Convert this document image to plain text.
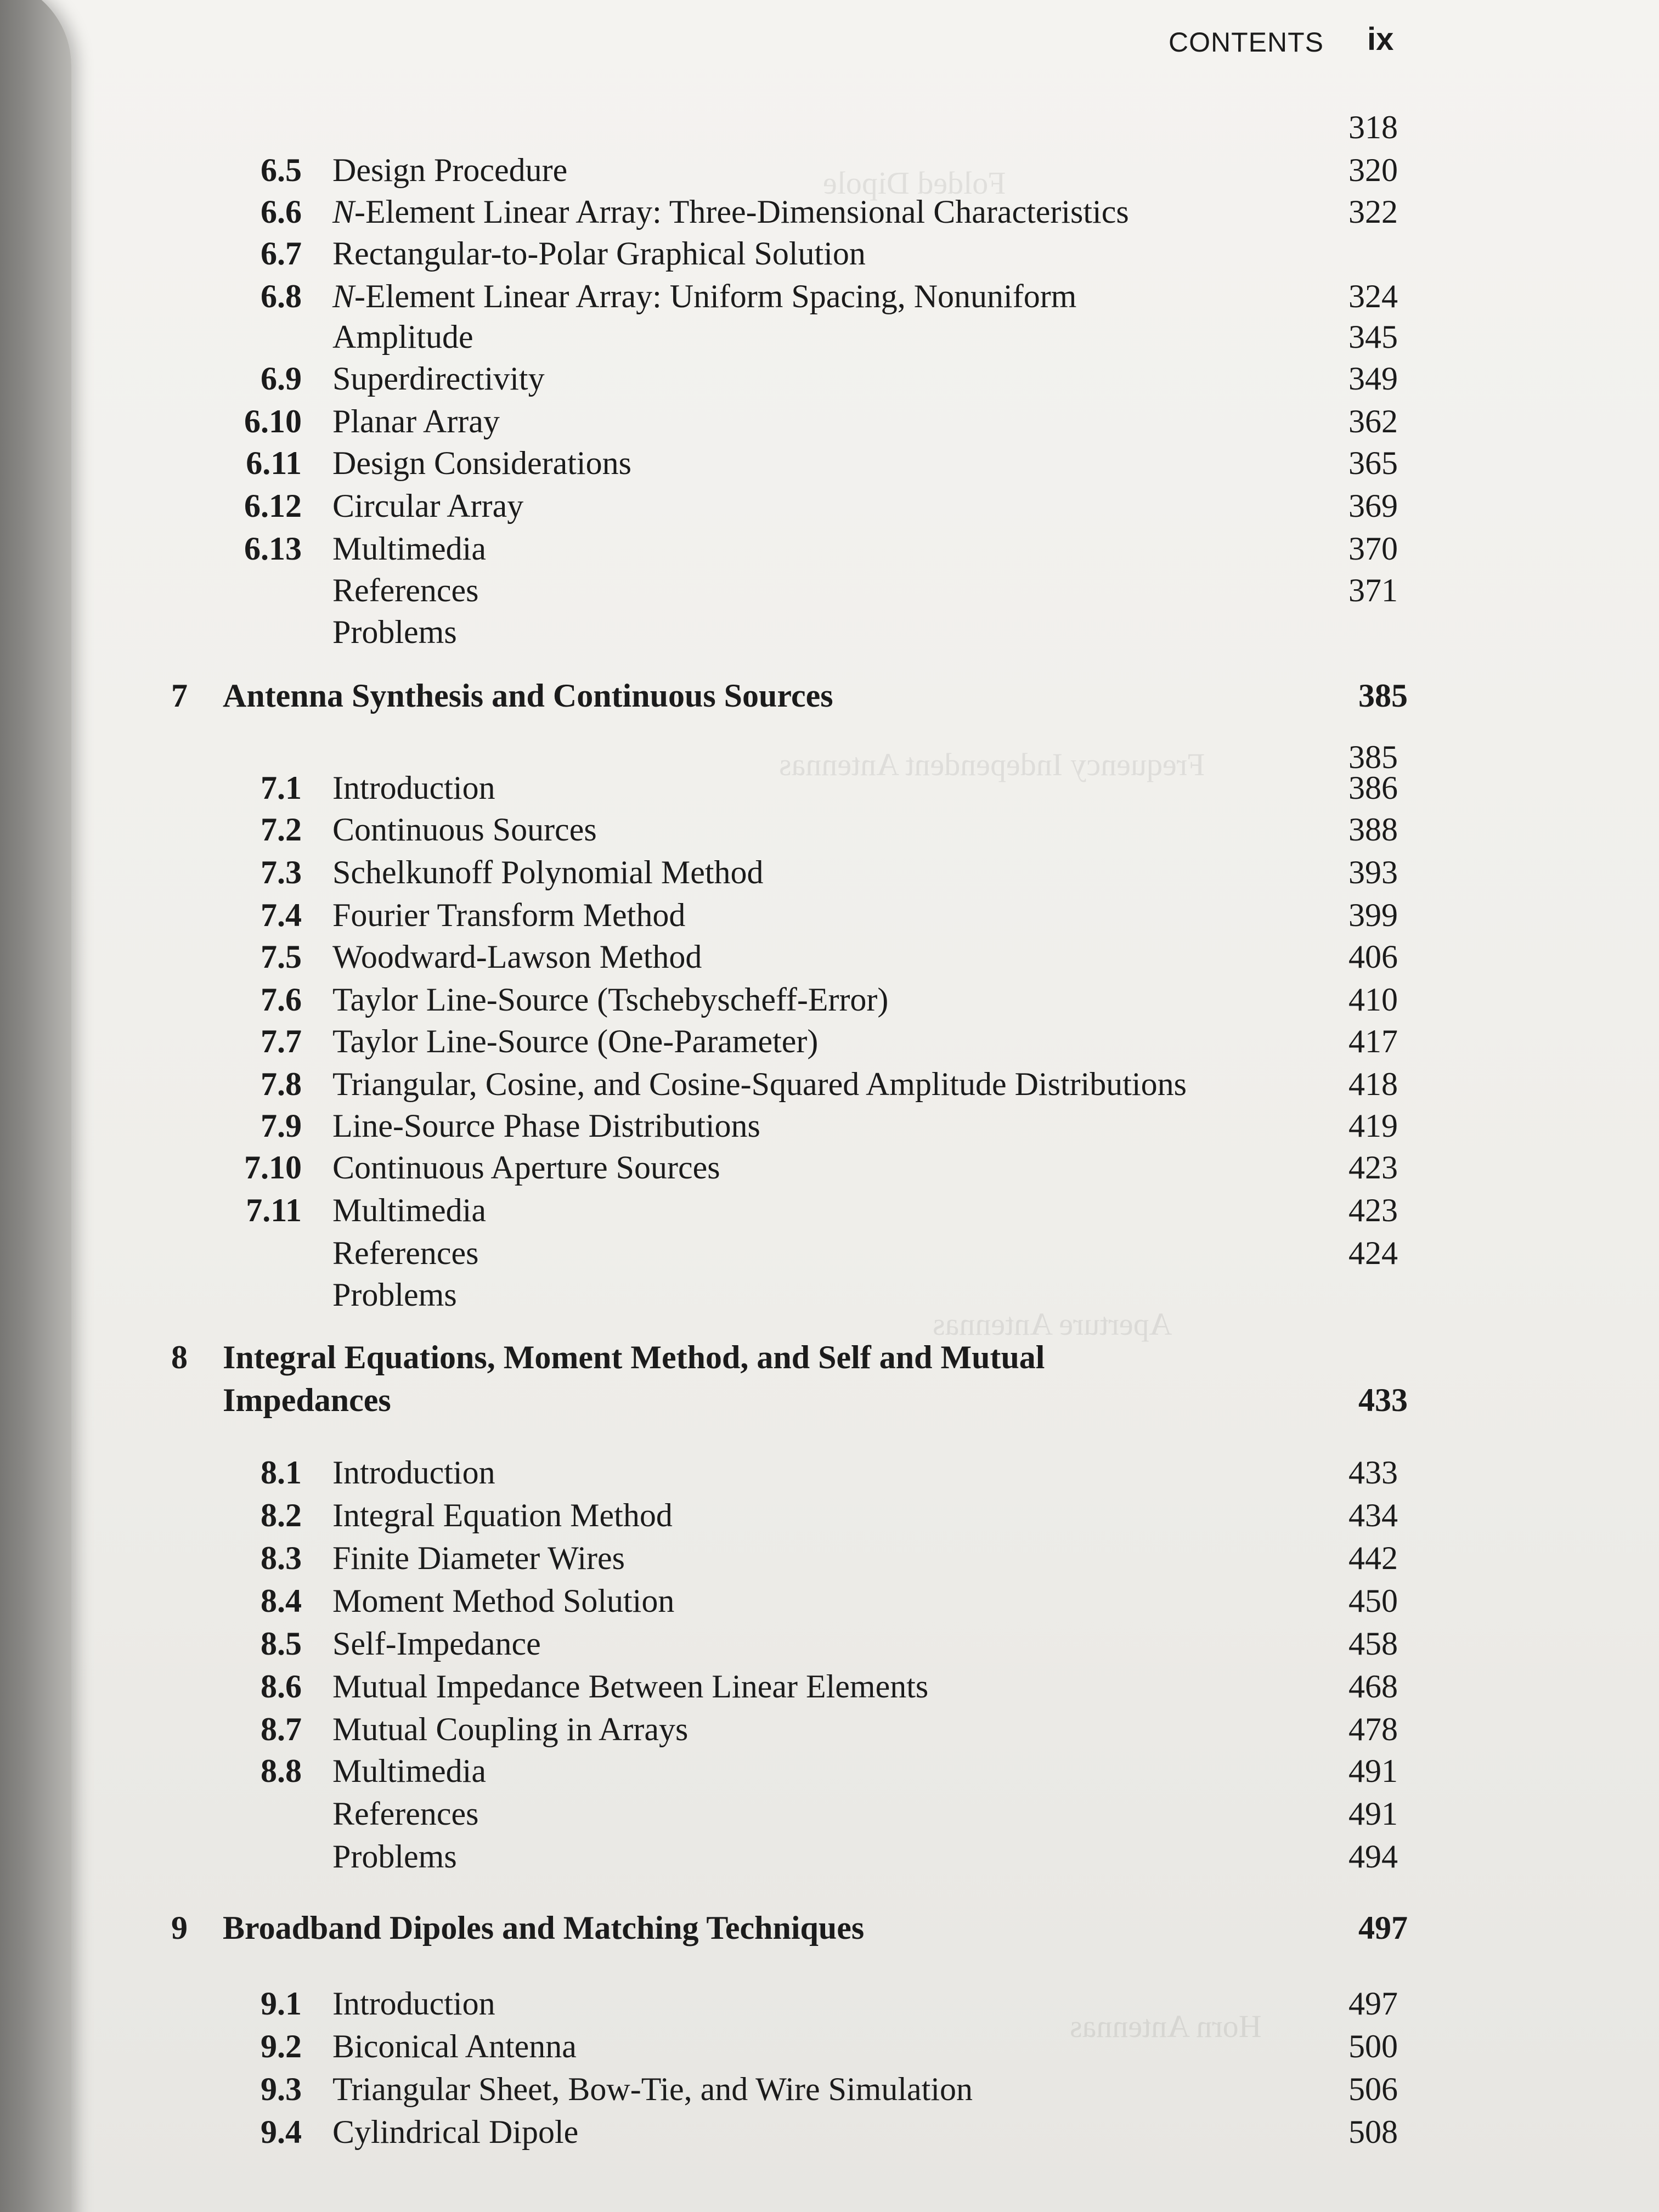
Folded Dipole
Frequency Independent Antennas
Aperture Antennas
Horn Antennas
CONTENTS ix
318
6.5 Design Procedure	320
6.6 N-Element Linear Array: Three-Dimensional Characteristics	322
6.7 Rectangular-to-Polar Graphical Solution
6.8 N-Element Linear Array: Uniform Spacing, Nonuniform	324
Amplitude	345
6.9 Superdirectivity	349
6.10 Planar Array	362
6.11 Design Considerations	365
6.12 Circular Array	369
6.13 Multimedia	370
References	371
Problems
7 Antenna Synthesis and Continuous Sources	385
385
7.1 Introduction	386
7.2 Continuous Sources	388
7.3 Schelkunoff Polynomial Method	393
7.4 Fourier Transform Method	399
7.5 Woodward-Lawson Method	406
7.6 Taylor Line-Source (Tschebyscheff-Error)	410
7.7 Taylor Line-Source (One-Parameter)	417
7.8 Triangular, Cosine, and Cosine-Squared Amplitude Distributions	418
7.9 Line-Source Phase Distributions	419
7.10 Continuous Aperture Sources	423
7.11 Multimedia	423
References	424
Problems
8 Integral Equations, Moment Method, and Self and Mutual
Impedances	433
8.1 Introduction	433
8.2 Integral Equation Method	434
8.3 Finite Diameter Wires	442
8.4 Moment Method Solution	450
8.5 Self-Impedance	458
8.6 Mutual Impedance Between Linear Elements	468
8.7 Mutual Coupling in Arrays	478
8.8 Multimedia	491
References	491
Problems	494
9 Broadband Dipoles and Matching Techniques	497
9.1 Introduction	497
9.2 Biconical Antenna	500
9.3 Triangular Sheet, Bow-Tie, and Wire Simulation	506
9.4 Cylindrical Dipole	508
